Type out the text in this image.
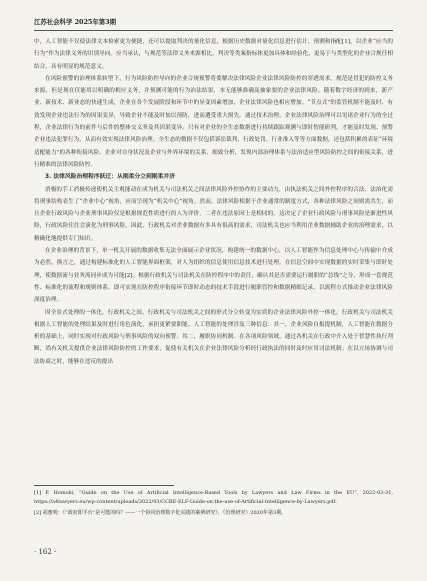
江苏社会科学 2025年第3期

中，人工智能不仅使法律文本检索更为便捷，还可以提取判决的量化信息，根据历史数据对量化信息进行估计、预测和指配[1]，以企业“应当的行为”作为法律义务的识别导向。应当承认，与规范等法律义务来源相比，判决等类案指标体更加具体和经验化，更易于与类型化的企业合规任相结合，具有明显的规范意义。

在风险预警的治理体系转型下，行为风险防控导向的企业合规预警将要解决法律风险企业法律风险防控的穿透需求。规范是冒犯的防控义务来源，但是现在仅能用以明确的相应义务，并预测可能的行为治法结果，本无能够准确及抽象要的企业法律风险。随着数字经济的到来，新产业、新技术、新业态的快速生成，企业在各个发展阶段和环节中的异变因素增加，企业法律风险也相应增加。“节点式”的监管机制不能及时、有效发现企业违法行为的因果变异，导致企业不能及时加以预防，进而遭受重大损失。通过技术治理，企业法律风险治理可以见诸企业行为的全过程，企业法律行为的前件与后件的整体交义务及其因果变异。只有对企业的全生态数据进行持续跟踪观测与即时智能研判，才能及时发现、预警企业违法犯罪行为，从而有效实现法律风险治理。全生态的数据不仅包括诉讼裁判、行政处罚、行业准入等等方面数据，还包括积累的表征“环境适配能力”的各种衔接风险。企业对自身状况及企业与外界环境的关系、细致分析，发现内部治理体系与法治适应型风险防控之间的衔接关系，进行精准的法律风险防控。

3. 法律风险治理程序跃迁：从刚柔分立到刚柔并济

消极的手工消极传递使机关主观能动在成为机关与司法机关之间法律风险外控协作的主要动力，由执法机关之间外控程序的合法、法治化需将刑事结构表生了“企业中心”视角，应而呈现为“机关中心”视角。然而，法律风险根据于企业通常的制度方式，各种法律风险之间则需共生，而且企业行政风险与企业刑事风险仅是根据规范性质进行的人为评价，二者在违法原因上是相同的。这决定了企业行政风险与刑事风险是渐进性风险，行政风险往往会演化为刑事风险，因此，行政机关对企业数据有多具有很高的需求，司法机关也应当利用企业数据辅助企业的治理需求，以精确化地提供专门知识。

在企业治理的背景下，单一机关开展的数据收集无法全面展示企业状况，构建统一的数据中心，以人工智能作为信息处理中心与传输中介成为必然。换言之，通过构建标准化的人工智能界面框架，对人为组织的信息使用信息技术进行处理。在信息空间中实现数据的实时采集与即时处理，使数据流与业务流同步成为可能[2]。根据行政机关与司法机关在防控程序中的责任，确认其是否需要运行履职的“总线”之分，形成一套规范性、标准化的流程和规则体系，即可实现在防控程序衔接环节即时动态的技术手段进行履职管控和数据精细记录，以流程方式推动企业法律风险深度治理。

因全景式处理的一体化，行政机关之间、行政机关与司法机关之间的形式分立转变为实质的企业法律风险外控一体化，行政机关与司法机关根据人工智能的处理结果及时进行角色演化，承担更紧要职能。人工智能的处理涉及三种信息：其一，企业风险自报提机制，人工智能在数据分析的基础上，同时实现对行政风险与刑事风险的双向预警。其二，履职协同机制。在各项风险领域，通过各机关在行政中介入处于智慧性执行判断，尚有关机关提供企业法律风险防控的工作要求，促使有关机关在企业法律风险分析经行政执法的同时及时应用司法机制；在以立场协调与司法协商之时，能够在违反的提出

[1] P. Homoki, “Guide on the Use of Artificial Intelligence-Based Tools by Lawyers and Law Firms in the EU”, 2022-03-31, https://a4lawyers.eu/wp-content/uploads/2022/03/CCBE-ELF-Guide-on-the-use-of-Artificial-Intelligence-by-Lawyers.pdf.

[2] 胡蜜明：《“政府即平台”是可能的吗？——一个协同治理数字化实践的案例研究》，《治理研究》2020年第3期。

· 162 ·
